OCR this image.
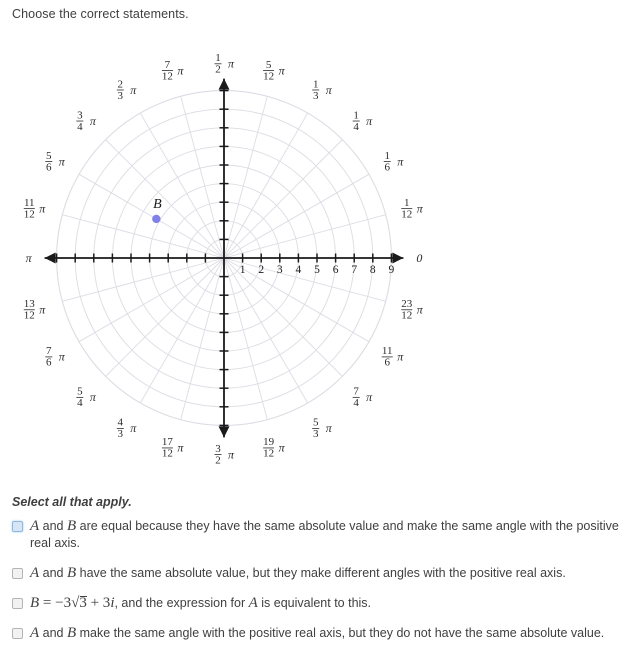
Choose the correct statements.
1 2 3 4 5 6 7 8 9
0
1
12 π
1
6 π
1
4 π
1
3 π
5
12 π
1
2 π
7
12 π
2
3 π
3
4 π
5
6 π
11
12 π
π
13
12 π
7
6 π
5
4 π
4
3 π
17
12 π	3
2 π
19
12 π
5
3 π
7
4 π
11
6 π
23
12 π
B
Select all that apply.
A and B are equal because they have the same absolute value and make the same angle with the positive real axis.
A and B have the same absolute value, but they make different angles with the positive real axis.
B = −3√3
+ 3i, and the expression for A is equivalent to this.
A and B make the same angle with the positive real axis, but they do not have the same absolute value.
